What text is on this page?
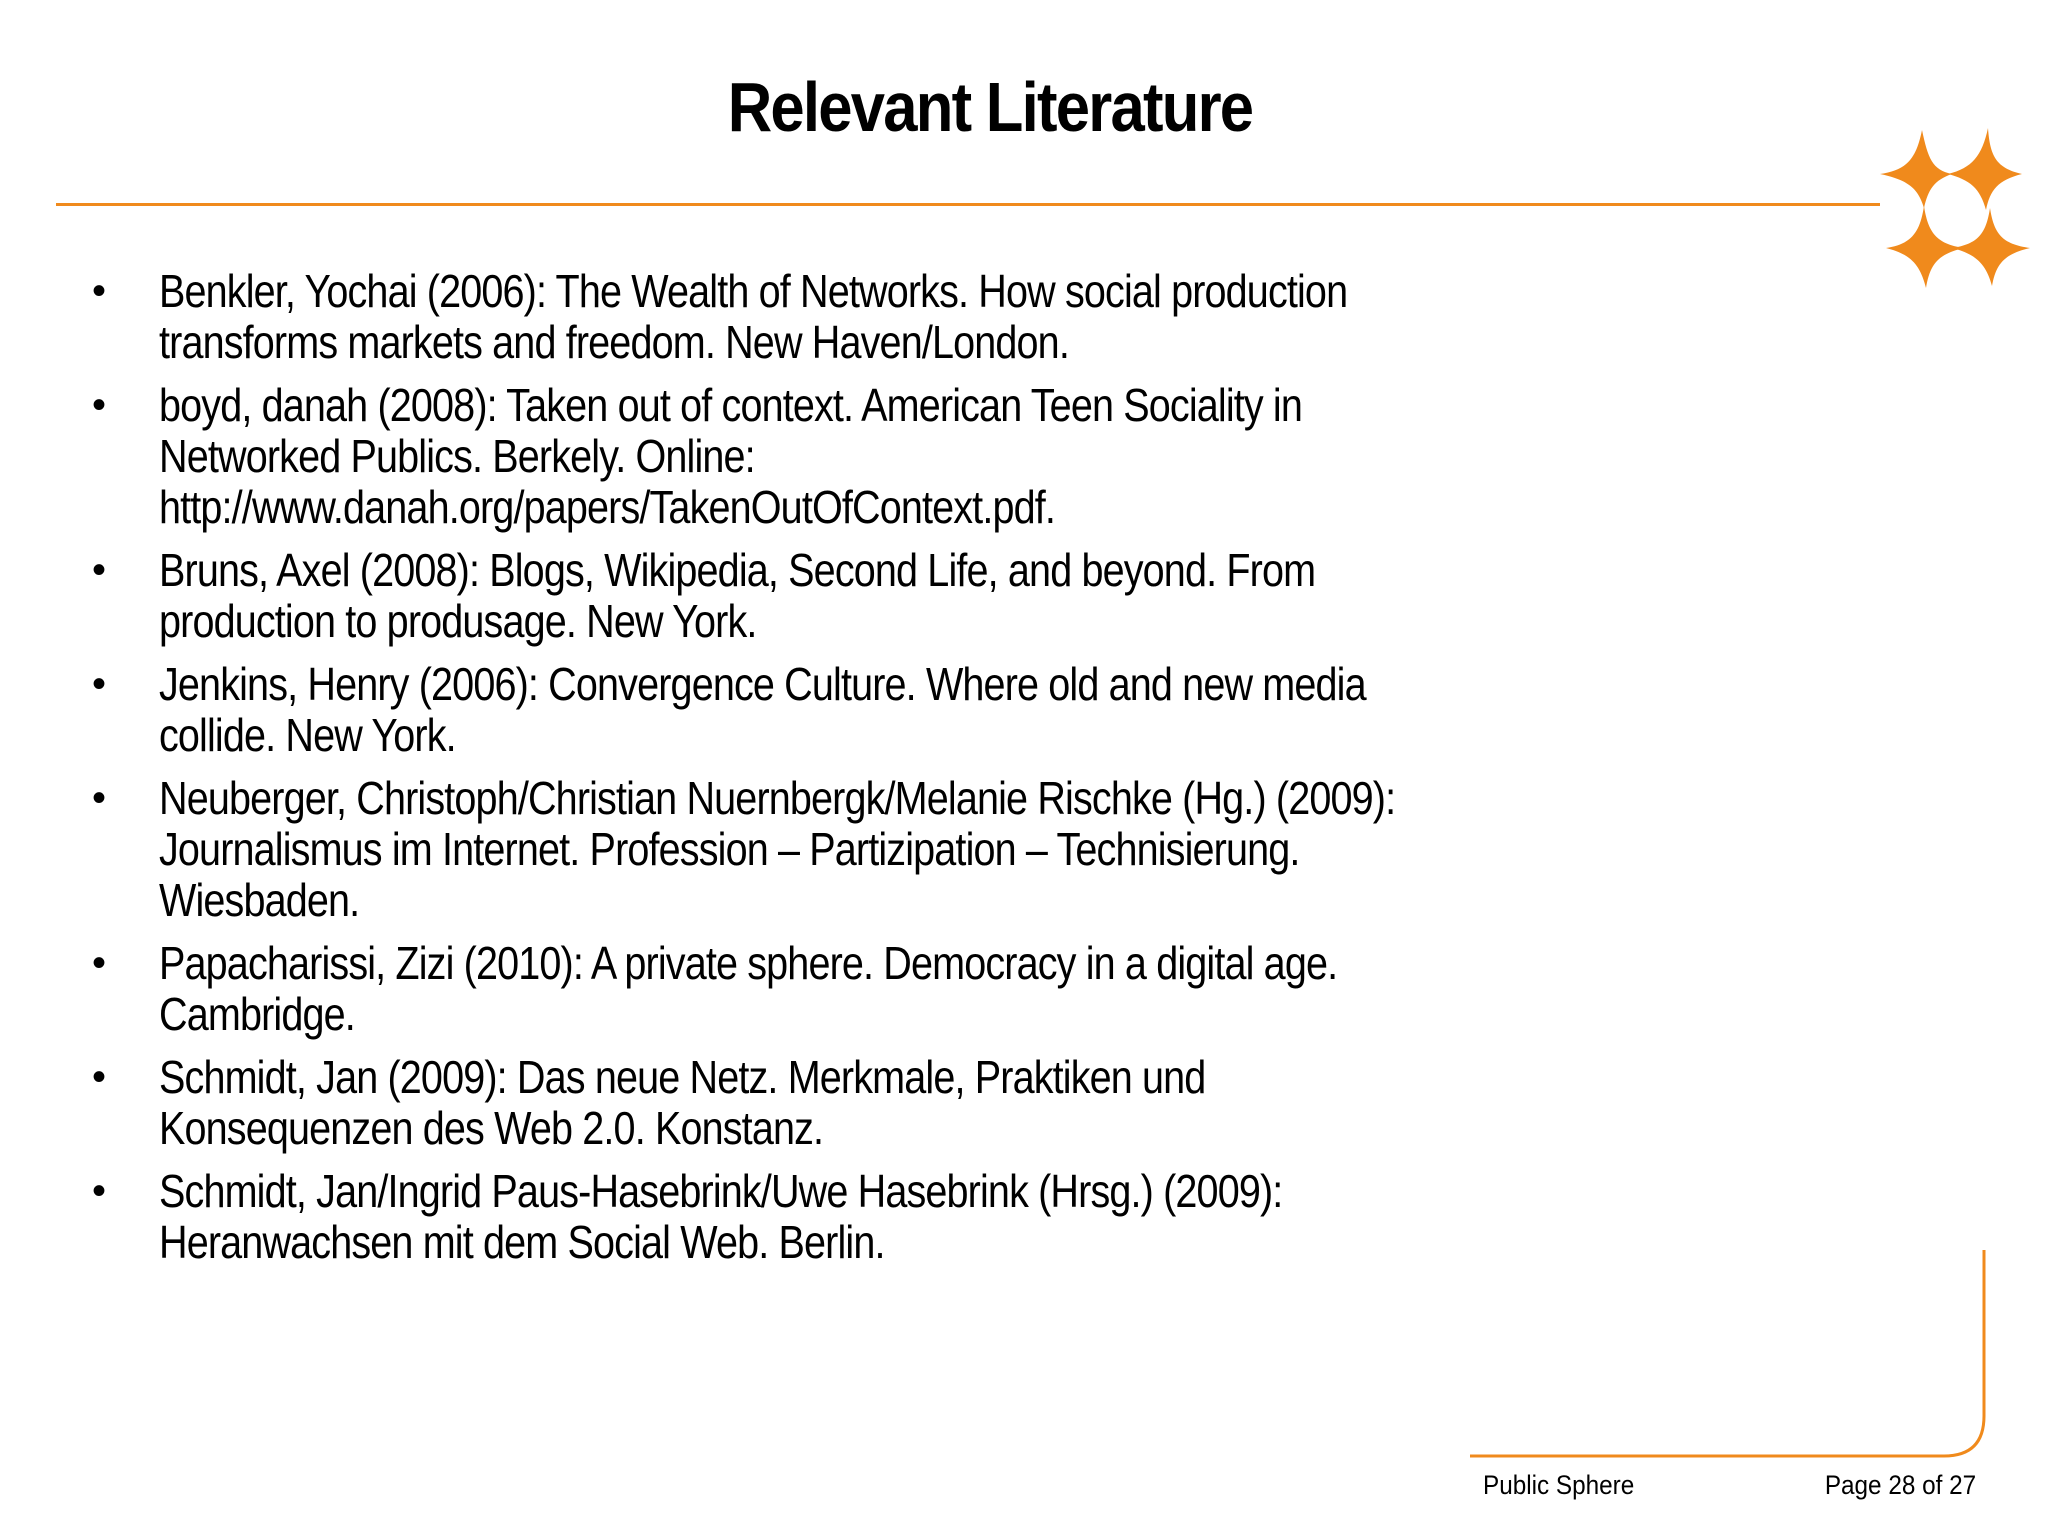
Relevant Literature
• Benkler, Yochai (2006): The Wealth of Networks. How social production transforms markets and freedom. New Haven/London.
• boyd, danah (2008): Taken out of context. American Teen Sociality in Networked Publics. Berkely. Online: http://www.danah.org/papers/TakenOutOfContext.pdf.
• Bruns, Axel (2008): Blogs, Wikipedia, Second Life, and beyond. From production to produsage. New York.
• Jenkins, Henry (2006): Convergence Culture. Where old and new media collide. New York.
• Neuberger, Christoph/Christian Nuernbergk/Melanie Rischke (Hg.) (2009): Journalismus im Internet. Profession – Partizipation – Technisierung. Wiesbaden.
• Papacharissi, Zizi (2010): A private sphere. Democracy in a digital age. Cambridge.
• Schmidt, Jan (2009): Das neue Netz. Merkmale, Praktiken und Konsequenzen des Web 2.0. Konstanz.
• Schmidt, Jan/Ingrid Paus-Hasebrink/Uwe Hasebrink (Hrsg.) (2009): Heranwachsen mit dem Social Web. Berlin.
Public Sphere	Page 28 of 27
